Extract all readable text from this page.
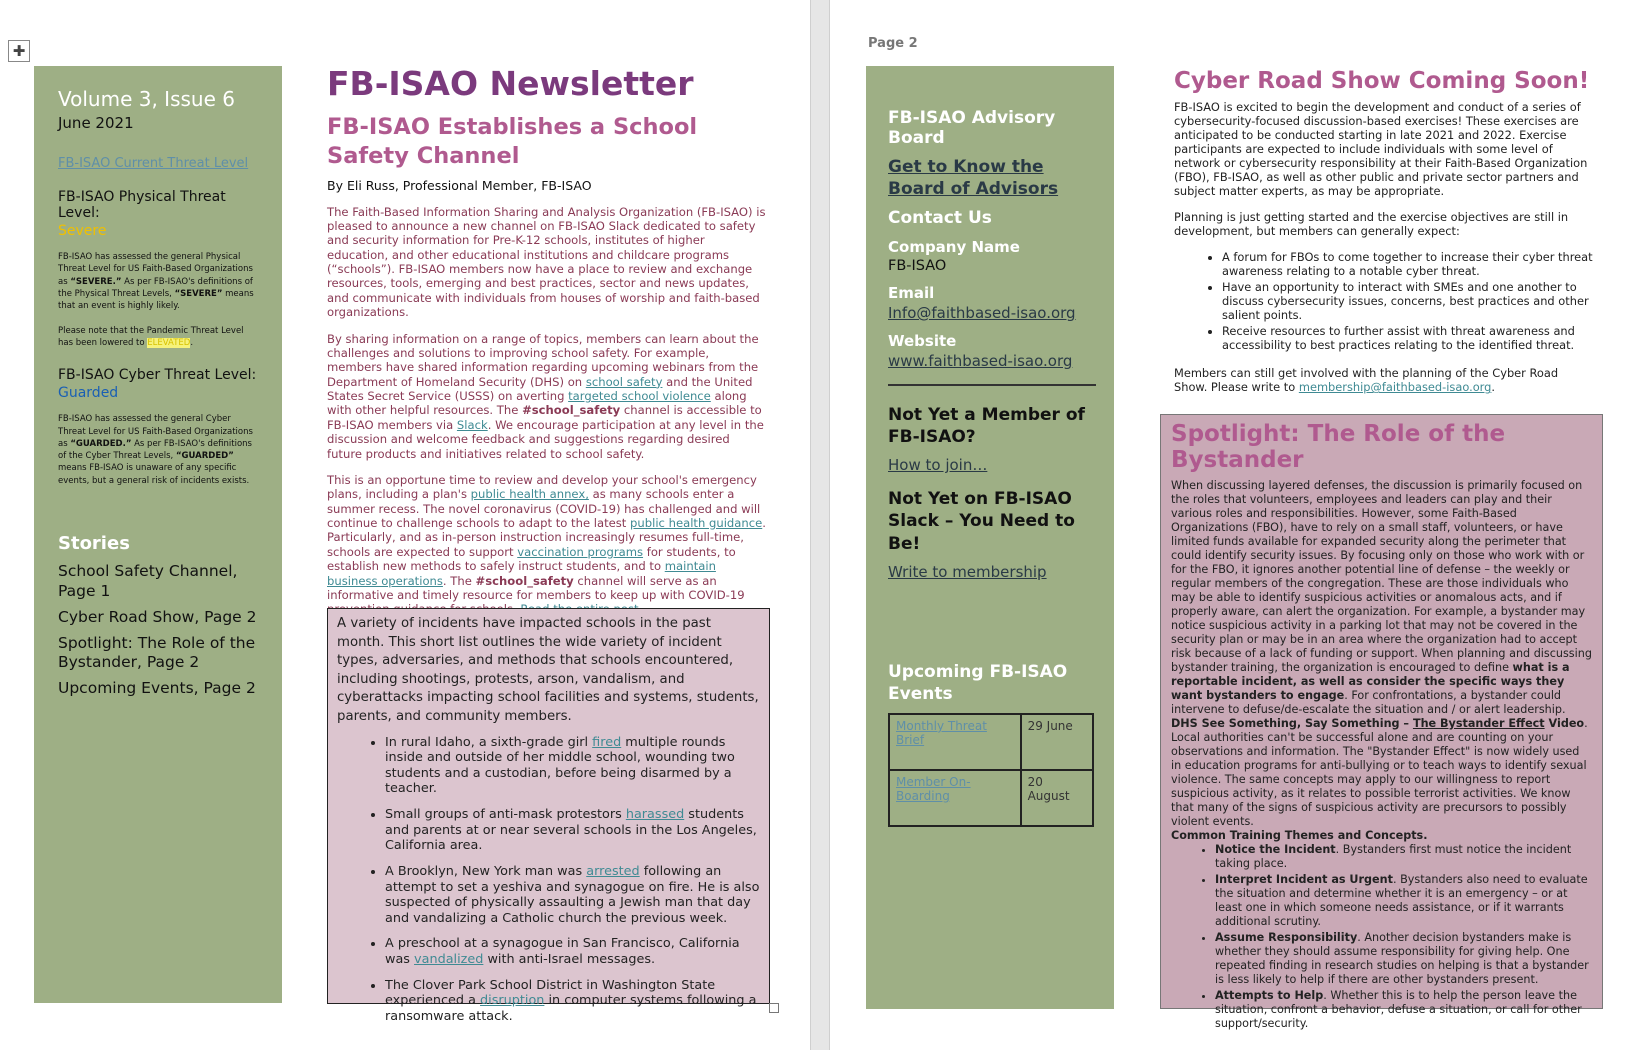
✚

Volume 3, Issue 6

June 2021

FB-ISAO Current Threat Level
FB-ISAO Physical Threat Level:
Severe

FB-ISAO has assessed the general Physical Threat Level for US Faith-Based Organizations as “SEVERE.” As per FB-ISAO's definitions of the Physical Threat Levels, “SEVERE” means that an event is highly likely.

Please note that the Pandemic Threat Level has been lowered to ELEVATED.

FB-ISAO Cyber Threat Level:
Guarded

FB-ISAO has assessed the general Cyber Threat Level for US Faith-Based Organizations as “GUARDED.” As per FB-ISAO's definitions of the Cyber Threat Levels, “GUARDED” means FB-ISAO is unaware of any specific events, but a general risk of incidents exists.

Stories

School Safety Channel, Page 1

Cyber Road Show, Page 2

Spotlight: The Role of the Bystander, Page 2

Upcoming Events, Page 2

FB-ISAO Newsletter
FB-ISAO Establishes a School Safety Channel

By Eli Russ, Professional Member, FB-ISAO

The Faith-Based Information Sharing and Analysis Organization (FB-ISAO) is pleased to announce a new channel on FB-ISAO Slack dedicated to safety and security information for Pre-K-12 schools, institutes of higher education, and other educational institutions and childcare programs (“schools”). FB-ISAO members now have a place to review and exchange resources, tools, emerging and best practices, sector and news updates, and communicate with individuals from houses of worship and faith-based organizations.

By sharing information on a range of topics, members can learn about the challenges and solutions to improving school safety. For example, members have shared information regarding upcoming webinars from the Department of Homeland Security (DHS) on school safety and the United States Secret Service (USSS) on averting targeted school violence along with other helpful resources. The #school_safety channel is accessible to FB-ISAO members via Slack. We encourage participation at any level in the discussion and welcome feedback and suggestions regarding desired future products and initiatives related to school safety.

This is an opportune time to review and develop your school's emergency plans, including a plan's public health annex, as many schools enter a summer recess. The novel coronavirus (COVID-19) has challenged and will continue to challenge schools to adapt to the latest public health guidance. Particularly, and as in-person instruction increasingly resumes full-time, schools are expected to support vaccination programs for students, to establish new methods to safely instruct students, and to maintain business operations. The #school_safety channel will serve as an informative and timely resource for members to keep up with COVID-19

A variety of incidents have impacted schools in the past month. This short list outlines the wide variety of incident types, adversaries, and methods that schools encountered, including shootings, protests, arson, vandalism, and cyberattacks impacting school facilities and systems, students, parents, and community members.

• In rural Idaho, a sixth-grade girl fired multiple rounds inside and outside of her middle school, wounding two students and a custodian, before being disarmed by a teacher.
• Small groups of anti-mask protestors harassed students and parents at or near several schools in the Los Angeles, California area.
• A Brooklyn, New York man was arrested following an attempt to set a yeshiva and synagogue on fire. He is also suspected of physically assaulting a Jewish man that day and vandalizing a Catholic church the previous week.
• A preschool at a synagogue in San Francisco, California was vandalized with anti-Israel messages.
• The Clover Park School District in Washington State experienced a disruption in computer systems following a ransomware attack.
Page 2

FB-ISAO Advisory Board

Get to Know the Board of Advisors

Contact Us

Company Name

FB-ISAO

Email

Info@faithbased-isao.org

Website

www.faithbased-isao.org

Not Yet a Member of FB-ISAO?

How to join…

Not Yet on FB-ISAO Slack – You Need to Be!

Write to membership

Upcoming FB-ISAO Events

Monthly Threat Brief	29 June
Member On-Boarding	20 August
Cyber Road Show Coming Soon!

FB-ISAO is excited to begin the development and conduct of a series of cybersecurity-focused discussion-based exercises! These exercises are anticipated to be conducted starting in late 2021 and 2022. Exercise participants are expected to include individuals with some level of network or cybersecurity responsibility at their Faith-Based Organization (FBO), FB-ISAO, as well as other public and private sector partners and subject matter experts, as may be appropriate.

Planning is just getting started and the exercise objectives are still in development, but members can generally expect:

• A forum for FBOs to come together to increase their cyber threat awareness relating to a notable cyber threat.
• Have an opportunity to interact with SMEs and one another to discuss cybersecurity issues, concerns, best practices and other salient points.
• Receive resources to further assist with threat awareness and accessibility to best practices relating to the identified threat.

Members can still get involved with the planning of the Cyber Road Show. Please write to membership@faithbased-isao.org.

Spotlight: The Role of the Bystander

When discussing layered defenses, the discussion is primarily focused on the roles that volunteers, employees and leaders can play and their various roles and responsibilities. However, some Faith-Based Organizations (FBO), have to rely on a small staff, volunteers, or have limited funds available for expanded security along the perimeter that could identify security issues. By focusing only on those who work with or for the FBO, it ignores another potential line of defense – the weekly or regular members of the congregation. These are those individuals who may be able to identify suspicious activities or anomalous acts, and if properly aware, can alert the organization. For example, a bystander may notice suspicious activity in a parking lot that may not be covered in the security plan or may be in an area where the organization had to accept risk because of a lack of funding or support. When planning and discussing bystander training, the organization is encouraged to define what is a reportable incident, as well as consider the specific ways they want bystanders to engage. For confrontations, a bystander could intervene to defuse/de-escalate the situation and / or alert leadership.

DHS See Something, Say Something – The Bystander Effect Video. Local authorities can't be successful alone and are counting on your observations and information. The "Bystander Effect" is now widely used in education programs for anti-bullying or to teach ways to identify sexual violence. The same concepts may apply to our willingness to report suspicious activity, as it relates to possible terrorist activities. We know that many of the signs of suspicious activity are precursors to possibly violent events.

Common Training Themes and Concepts.

• Notice the Incident. Bystanders first must notice the incident taking place.
• Interpret Incident as Urgent. Bystanders also need to evaluate the situation and determine whether it is an emergency – or at least one in which someone needs assistance, or if it warrants additional scrutiny.
• Assume Responsibility. Another decision bystanders make is whether they should assume responsibility for giving help. One repeated finding in research studies on helping is that a bystander is less likely to help if there are other bystanders present.
• Attempts to Help. Whether this is to help the person leave the situation, confront a behavior, defuse a situation, or call for other support/security.
